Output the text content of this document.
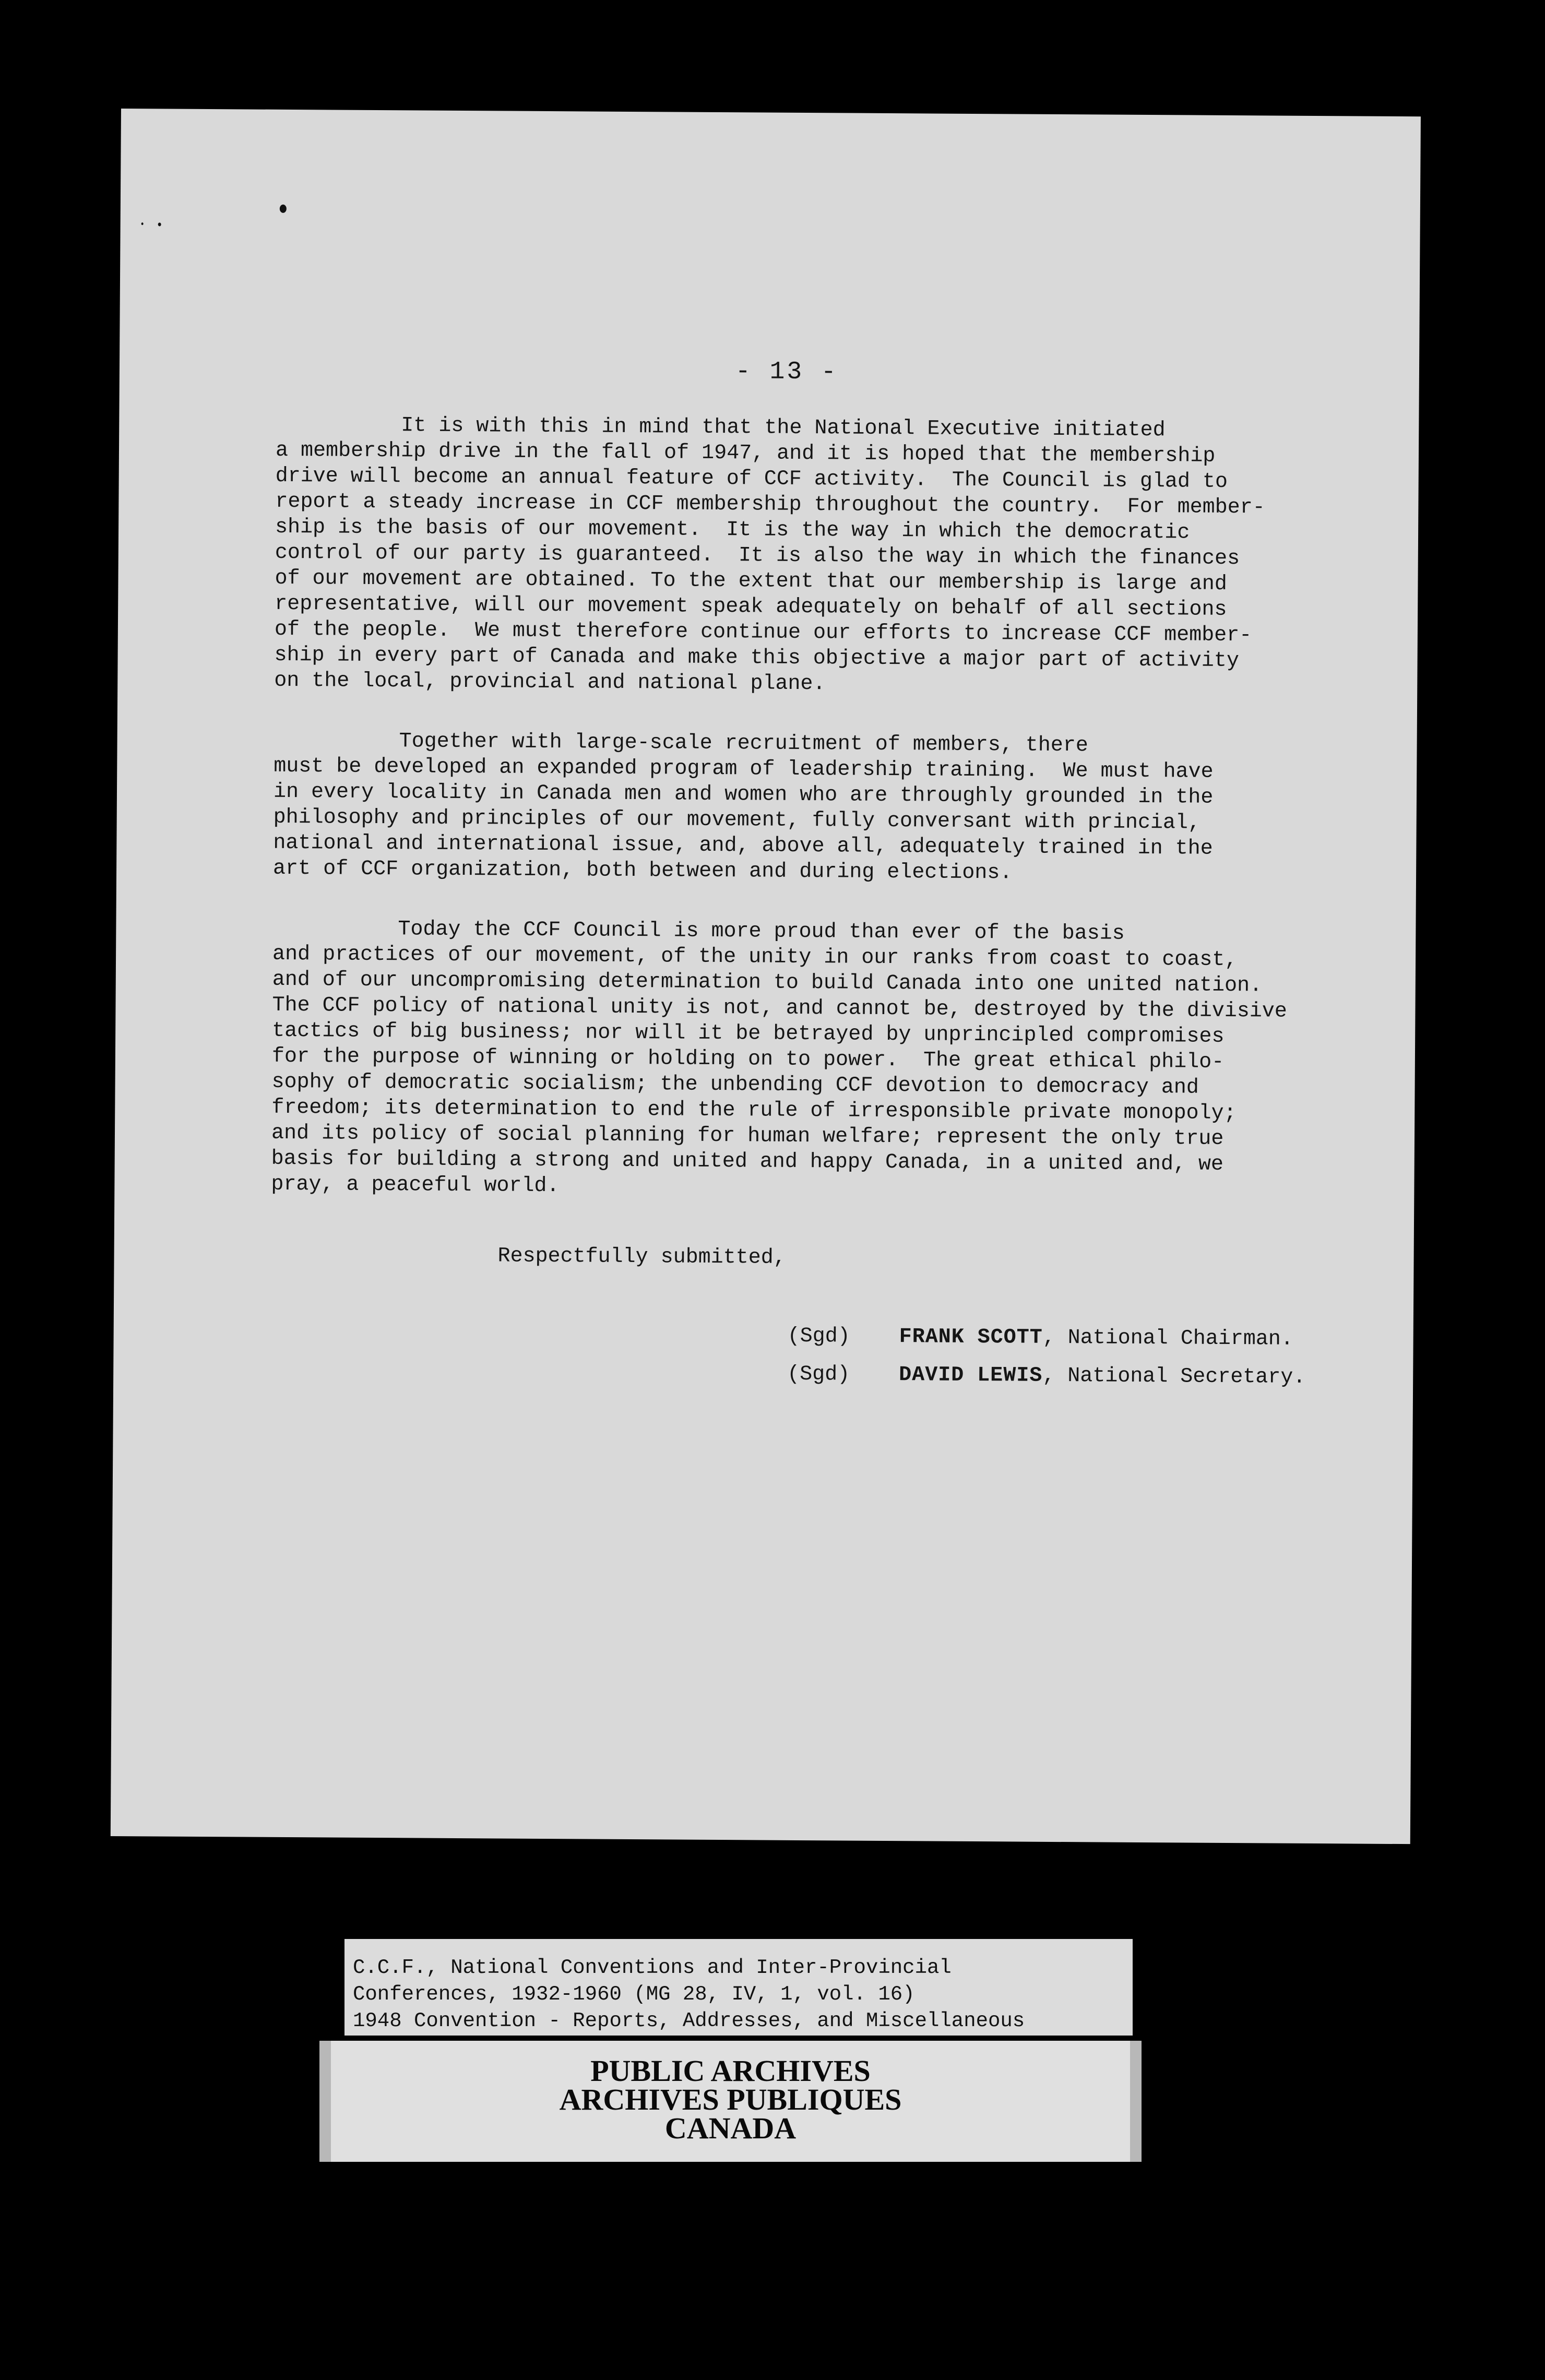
- 13 -
It is with this in mind that the National Executive initiated
a membership drive in the fall of 1947, and it is hoped that the membership
drive will become an annual feature of CCF activity.  The Council is glad to
report a steady increase in CCF membership throughout the country.  For member-
ship is the basis of our movement.  It is the way in which the democratic
control of our party is guaranteed.  It is also the way in which the finances
of our movement are obtained. To the extent that our membership is large and
representative, will our movement speak adequately on behalf of all sections
of the people.  We must therefore continue our efforts to increase CCF member-
ship in every part of Canada and make this objective a major part of activity
on the local, provincial and national plane.
Together with large-scale recruitment of members, there
must be developed an expanded program of leadership training.  We must have
in every locality in Canada men and women who are throughly grounded in the
philosophy and principles of our movement, fully conversant with princial,
national and international issue, and, above all, adequately trained in the
art of CCF organization, both between and during elections.
Today the CCF Council is more proud than ever of the basis
and practices of our movement, of the unity in our ranks from coast to coast,
and of our uncompromising determination to build Canada into one united nation.
The CCF policy of national unity is not, and cannot be, destroyed by the divisive
tactics of big business; nor will it be betrayed by unprincipled compromises
for the purpose of winning or holding on to power.  The great ethical philo-
sophy of democratic socialism; the unbending CCF devotion to democracy and
freedom; its determination to end the rule of irresponsible private monopoly;
and its policy of social planning for human welfare; represent the only true
basis for building a strong and united and happy Canada, in a united and, we
pray, a peaceful world.
Respectfully submitted,

(Sgd) FRANK SCOTT, National Chairman.

(Sgd) DAVID LEWIS, National Secretary.

C.C.F., National Conventions and Inter-Provincial
Conferences, 1932-1960 (MG 28, IV, 1, vol. 16)
1948 Convention - Reports, Addresses, and Miscellaneous
PUBLIC ARCHIVES
ARCHIVES PUBLIQUES
CANADA
